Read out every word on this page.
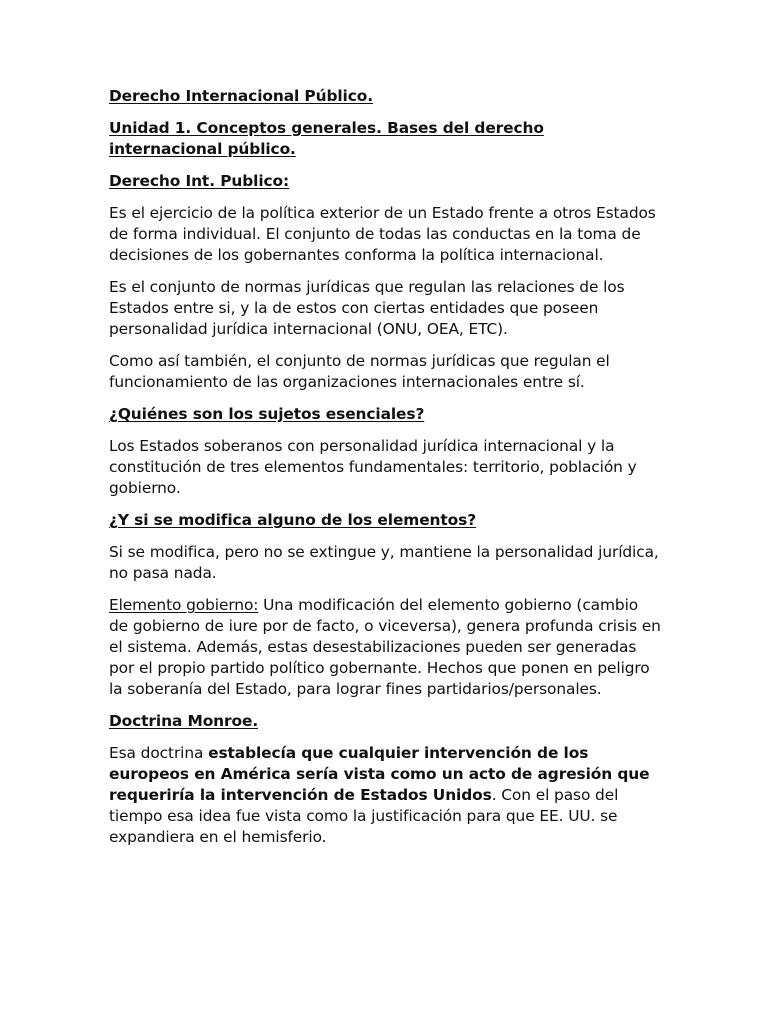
Derecho Internacional Público.
Unidad 1. Conceptos generales. Bases del derecho internacional público.
Derecho Int. Publico:
Es el ejercicio de la política exterior de un Estado frente a otros Estados de forma individual. El conjunto de todas las conductas en la toma de decisiones de los gobernantes conforma la política internacional.
Es el conjunto de normas jurídicas que regulan las relaciones de los Estados entre si, y la de estos con ciertas entidades que poseen personalidad jurídica internacional (ONU, OEA, ETC).
Como así también, el conjunto de normas jurídicas que regulan el funcionamiento de las organizaciones internacionales entre sí.
¿Quiénes son los sujetos esenciales?
Los Estados soberanos con personalidad jurídica internacional y la constitución de tres elementos fundamentales: territorio, población y gobierno.
¿Y si se modifica alguno de los elementos?
Si se modifica, pero no se extingue y, mantiene la personalidad jurídica, no pasa nada.
Elemento gobierno: Una modificación del elemento gobierno (cambio de gobierno de iure por de facto, o viceversa), genera profunda crisis en el sistema. Además, estas desestabilizaciones pueden ser generadas por el propio partido político gobernante. Hechos que ponen en peligro la soberanía del Estado, para lograr fines partidarios/personales.
Doctrina Monroe.
Esa doctrina establecía que cualquier intervención de los europeos en América sería vista como un acto de agresión que requeriría la intervención de Estados Unidos. Con el paso del tiempo esa idea fue vista como la justificación para que EE. UU. se expandiera en el hemisferio.
